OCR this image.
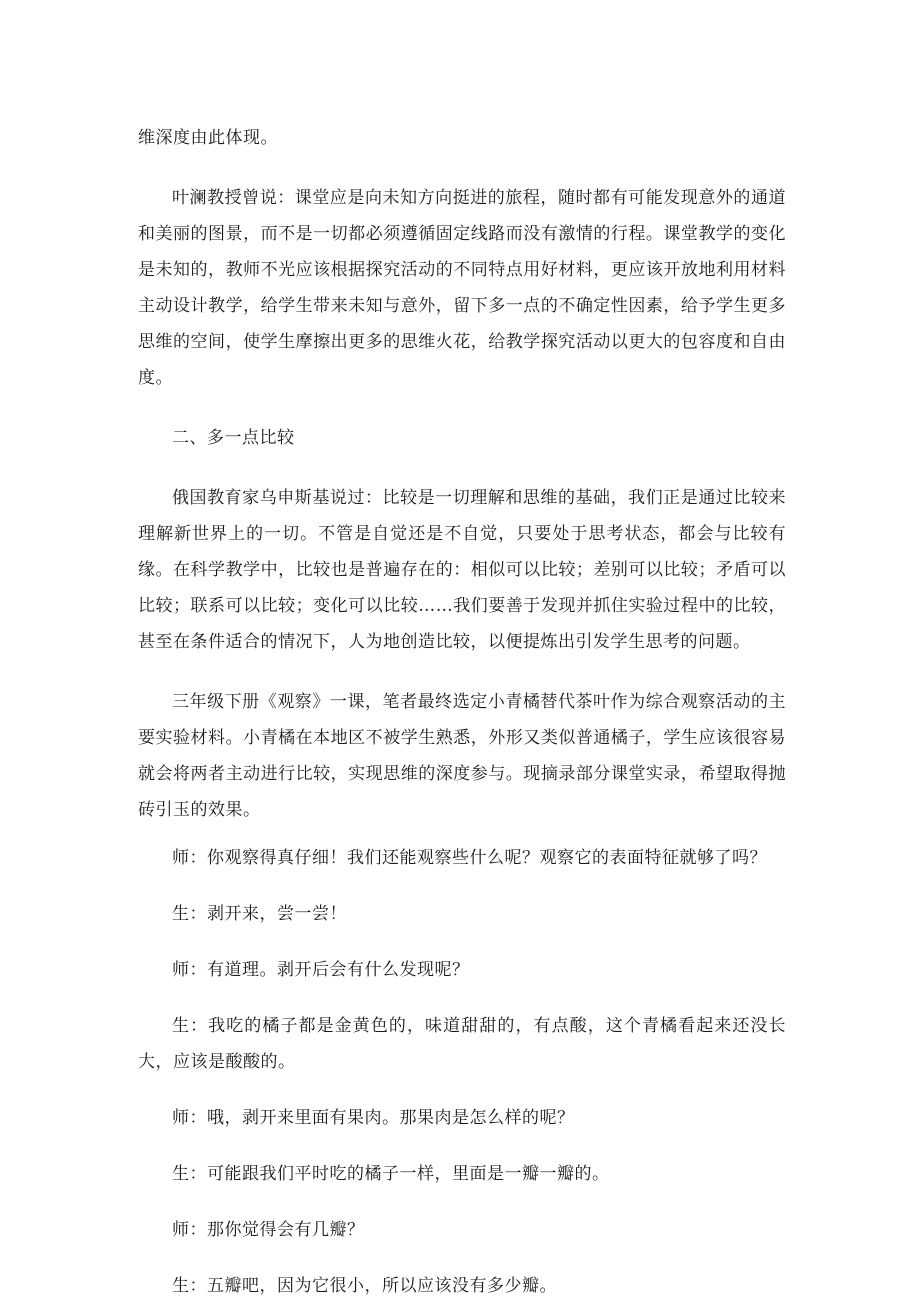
维深度由此体现。

叶澜教授曾说：课堂应是向未知方向挺进的旅程，随时都有可能发现意外的通道和美丽的图景，而不是一切都必须遵循固定线路而没有激情的行程。课堂教学的变化是未知的，教师不光应该根据探究活动的不同特点用好材料，更应该开放地利用材料主动设计教学，给学生带来未知与意外，留下多一点的不确定性因素，给予学生更多思维的空间，使学生摩擦出更多的思维火花，给教学探究活动以更大的包容度和自由度。

二、多一点比较

俄国教育家乌申斯基说过：比较是一切理解和思维的基础，我们正是通过比较来理解新世界上的一切。不管是自觉还是不自觉，只要处于思考状态，都会与比较有缘。在科学教学中，比较也是普遍存在的：相似可以比较；差别可以比较；矛盾可以比较；联系可以比较；变化可以比较……我们要善于发现并抓住实验过程中的比较，甚至在条件适合的情况下，人为地创造比较，以便提炼出引发学生思考的问题。

三年级下册《观察》一课，笔者最终选定小青橘替代茶叶作为综合观察活动的主要实验材料。小青橘在本地区不被学生熟悉，外形又类似普通橘子，学生应该很容易就会将两者主动进行比较，实现思维的深度参与。现摘录部分课堂实录，希望取得抛砖引玉的效果。

师：你观察得真仔细！我们还能观察些什么呢？观察它的表面特征就够了吗？

生：剥开来，尝一尝！

师：有道理。剥开后会有什么发现呢？

生：我吃的橘子都是金黄色的，味道甜甜的，有点酸，这个青橘看起来还没长大，应该是酸酸的。

师：哦，剥开来里面有果肉。那果肉是怎么样的呢？

生：可能跟我们平时吃的橘子一样，里面是一瓣一瓣的。

师：那你觉得会有几瓣？

生：五瓣吧，因为它很小，所以应该没有多少瓣。
